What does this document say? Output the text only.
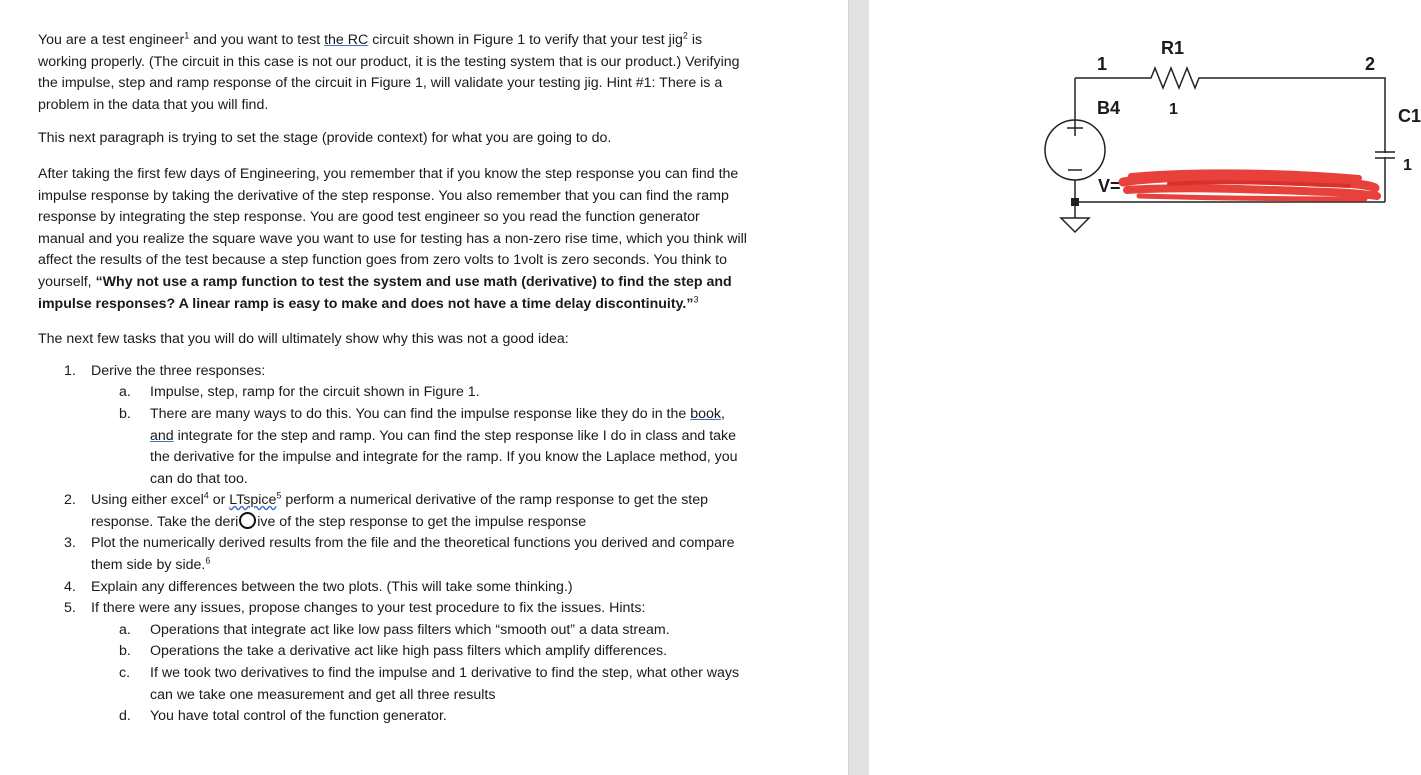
You are a test engineer$^1$ and you want to test the RC circuit shown in Figure 1 to verify that your test jig$^2$ is working properly. (The circuit in this case is not our product, it is the testing system that is our product.) Verifying the impulse, step and ramp response of the circuit in Figure 1, will validate your testing jig. Hint #1: There is a problem in the data that you will find.

This next paragraph is trying to set the stage (provide context) for what you are going to do.

After taking the first few days of Engineering, you remember that if you know the step response you can find the impulse response by taking the derivative of the step response. You also remember that you can find the ramp response by integrating the step response. You are good test engineer so you read the function generator manual and you realize the square wave you want to use for testing has a non-zero rise time, which you think will affect the results of the test because a step function goes from zero volts to 1volt is zero seconds. You think to yourself, “Why not use a ramp function to test the system and use math (derivative) to find the step and impulse responses? A linear ramp is easy to make and does not have a time delay discontinuity.”$^3$

The next few tasks that you will do will ultimately show why this was not a good idea:

1. Derive the three responses:
a. Impulse, step, ramp for the circuit shown in Figure 1.
b. There are many ways to do this. You can find the impulse response like they do in the book, and integrate for the step and ramp. You can find the step response like I do in class and take the derivative for the impulse and integrate for the ramp. If you know the Laplace method, you can do that too.
2. Using either excel$^4$ or LTspice$^5$ perform a numerical derivative of the ramp response to get the step response. Take the deri ive of the step response to get the impulse response
3. Plot the numerically derived results from the file and the theoretical functions you derived and compare them side by side.$^6$
4. Explain any differences between the two plots. (This will take some thinking.)
5. If there were any issues, propose changes to your test procedure to fix the issues. Hints:
a. Operations that integrate act like low pass filters which “smooth out” a data stream.
b. Operations the take a derivative act like high pass filters which amplify differences.
c. If we took two derivatives to find the impulse and 1 derivative to find the step, what other ways can we take one measurement and get all three results
d. You have total control of the function generator.
1	2
R1
1
B4	C1
1
V=
